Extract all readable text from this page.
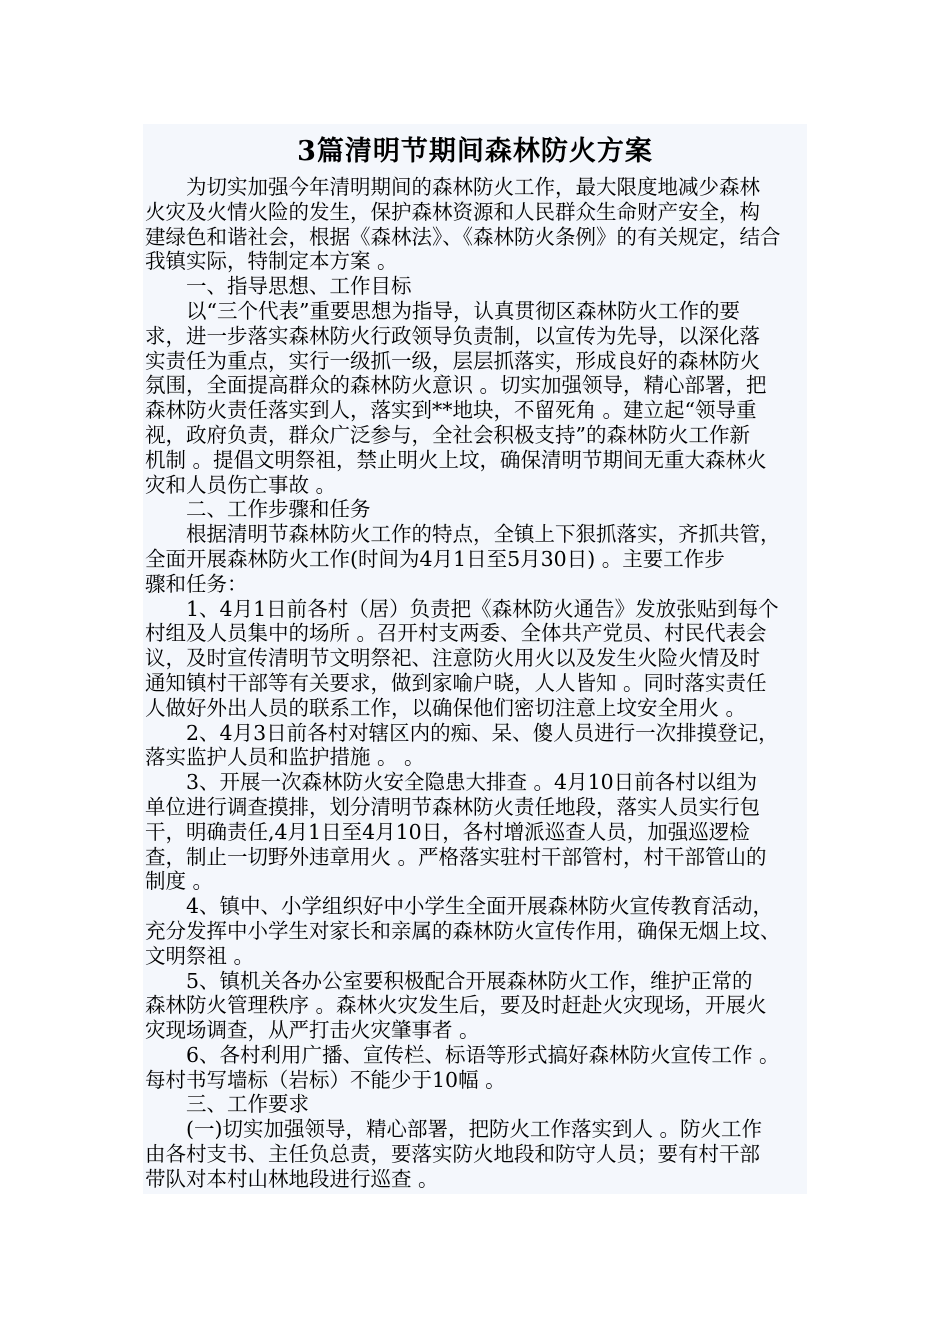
3篇清明节期间森林防火方案
　　为切实加强今年清明期间的森林防火工作，最大限度地减少森林
火灾及火情火险的发生，保护森林资源和人民群众生命财产安全，构
建绿色和谐社会，根据《森林法》、《森林防火条例》的有关规定，结合
我镇实际，特制定本方案 。
　　一、指导思想、工作目标
　　以“三个代表”重要思想为指导，认真贯彻区森林防火工作的要
求，进一步落实森林防火行政领导负责制，以宣传为先导，以深化落
实责任为重点，实行一级抓一级，层层抓落实，形成良好的森林防火
氛围，全面提高群众的森林防火意识 。切实加强领导，精心部署，把
森林防火责任落实到人，落实到**地块，不留死角 。建立起“领导重
视，政府负责，群众广泛参与，全社会积极支持”的森林防火工作新
机制 。提倡文明祭祖，禁止明火上坟，确保清明节期间无重大森林火
灾和人员伤亡事故 。
　　二、工作步骤和任务
　　根据清明节森林防火工作的特点，全镇上下狠抓落实，齐抓共管，
全面开展森林防火工作(时间为4月1日至5月30日) 。主要工作步
骤和任务：
　　1、4月1日前各村（居）负责把《森林防火通告》发放张贴到每个
村组及人员集中的场所 。召开村支两委、全体共产党员、村民代表会
议，及时宣传清明节文明祭祀、注意防火用火以及发生火险火情及时
通知镇村干部等有关要求，做到家喻户晓，人人皆知 。同时落实责任
人做好外出人员的联系工作，以确保他们密切注意上坟安全用火 。
　　2、4月3日前各村对辖区内的痴、呆、傻人员进行一次排摸登记，
落实监护人员和监护措施 。 。
　　3、开展一次森林防火安全隐患大排查 。4月10日前各村以组为
单位进行调查摸排，划分清明节森林防火责任地段，落实人员实行包
干，明确责任,4月1日至4月10日，各村增派巡查人员，加强巡逻检
查，制止一切野外违章用火 。严格落实驻村干部管村，村干部管山的
制度 。
　　4、镇中、小学组织好中小学生全面开展森林防火宣传教育活动，
充分发挥中小学生对家长和亲属的森林防火宣传作用，确保无烟上坟、
文明祭祖 。
　　5、镇机关各办公室要积极配合开展森林防火工作，维护正常的
森林防火管理秩序 。森林火灾发生后，要及时赶赴火灾现场，开展火
灾现场调查，从严打击火灾肇事者 。
　　6、各村利用广播、宣传栏、标语等形式搞好森林防火宣传工作 。
每村书写墙标（岩标）不能少于10幅 。
　　三、工作要求
　　(一)切实加强领导，精心部署，把防火工作落实到人 。防火工作
由各村支书、主任负总责，要落实防火地段和防守人员；要有村干部
带队对本村山林地段进行巡查 。
